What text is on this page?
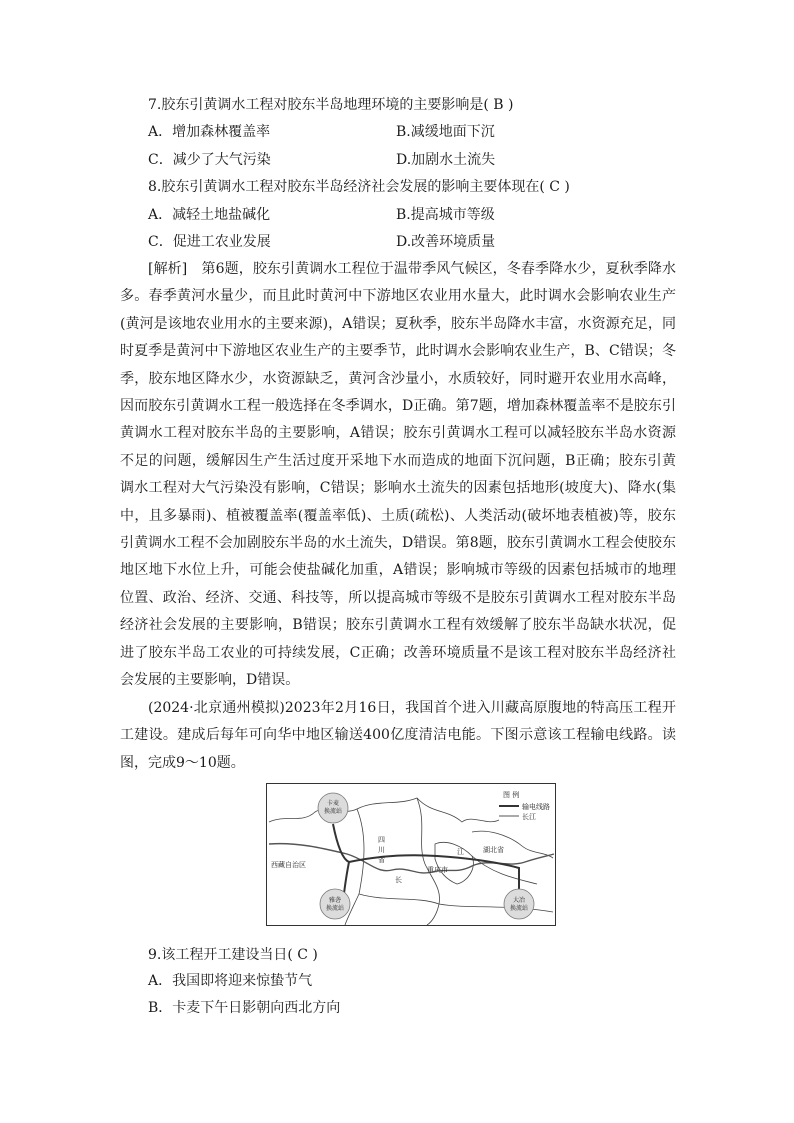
7.胶东引黄调水工程对胶东半岛地理环境的主要影响是( B )
A．增加森林覆盖率	B.减缓地面下沉
C．减少了大气污染	D.加剧水土流失
8.胶东引黄调水工程对胶东半岛经济社会发展的影响主要体现在( C )
A．减轻土地盐碱化	B.提高城市等级
C．促进工农业发展	D.改善环境质量
[解析]　第6题，胶东引黄调水工程位于温带季风气候区，冬春季降水少，夏秋季降水多。春季黄河水量少，而且此时黄河中下游地区农业用水量大，此时调水会影响农业生产(黄河是该地农业用水的主要来源)，A错误；夏秋季，胶东半岛降水丰富，水资源充足，同时夏季是黄河中下游地区农业生产的主要季节，此时调水会影响农业生产，B、C错误；冬季，胶东地区降水少，水资源缺乏，黄河含沙量小，水质较好，同时避开农业用水高峰，因而胶东引黄调水工程一般选择在冬季调水，D正确。第7题，增加森林覆盖率不是胶东引黄调水工程对胶东半岛的主要影响，A错误；胶东引黄调水工程可以减轻胶东半岛水资源不足的问题，缓解因生产生活过度开采地下水而造成的地面下沉问题，B正确；胶东引黄调水工程对大气污染没有影响，C错误；影响水土流失的因素包括地形(坡度大)、降水(集中，且多暴雨)、植被覆盖率(覆盖率低)、土质(疏松)、人类活动(破坏地表植被)等，胶东引黄调水工程不会加剧胶东半岛的水土流失，D错误。第8题，胶东引黄调水工程会使胶东地区地下水位上升，可能会使盐碱化加重，A错误；影响城市等级的因素包括城市的地理位置、政治、经济、交通、科技等，所以提高城市等级不是胶东引黄调水工程对胶东半岛经济社会发展的主要影响，B错误；胶东引黄调水工程有效缓解了胶东半岛缺水状况，促进了胶东半岛工农业的可持续发展，C正确；改善环境质量不是该工程对胶东半岛经济社会发展的主要影响，D错误。
(2024·北京通州模拟)2023年2月16日，我国首个进入川藏高原腹地的特高压工程开工建设。建成后每年可向华中地区输送400亿度清洁电能。下图示意该工程输电线路。读图，完成9～10题。
卡麦
换流站
雅砻
换流站
大冶
换流站
西藏自治区
四
川
省
湖北省
重庆市
长
江
图 例
输电线路
长江
9.该工程开工建设当日( C )
A．我国即将迎来惊蛰节气
B．卡麦下午日影朝向西北方向
